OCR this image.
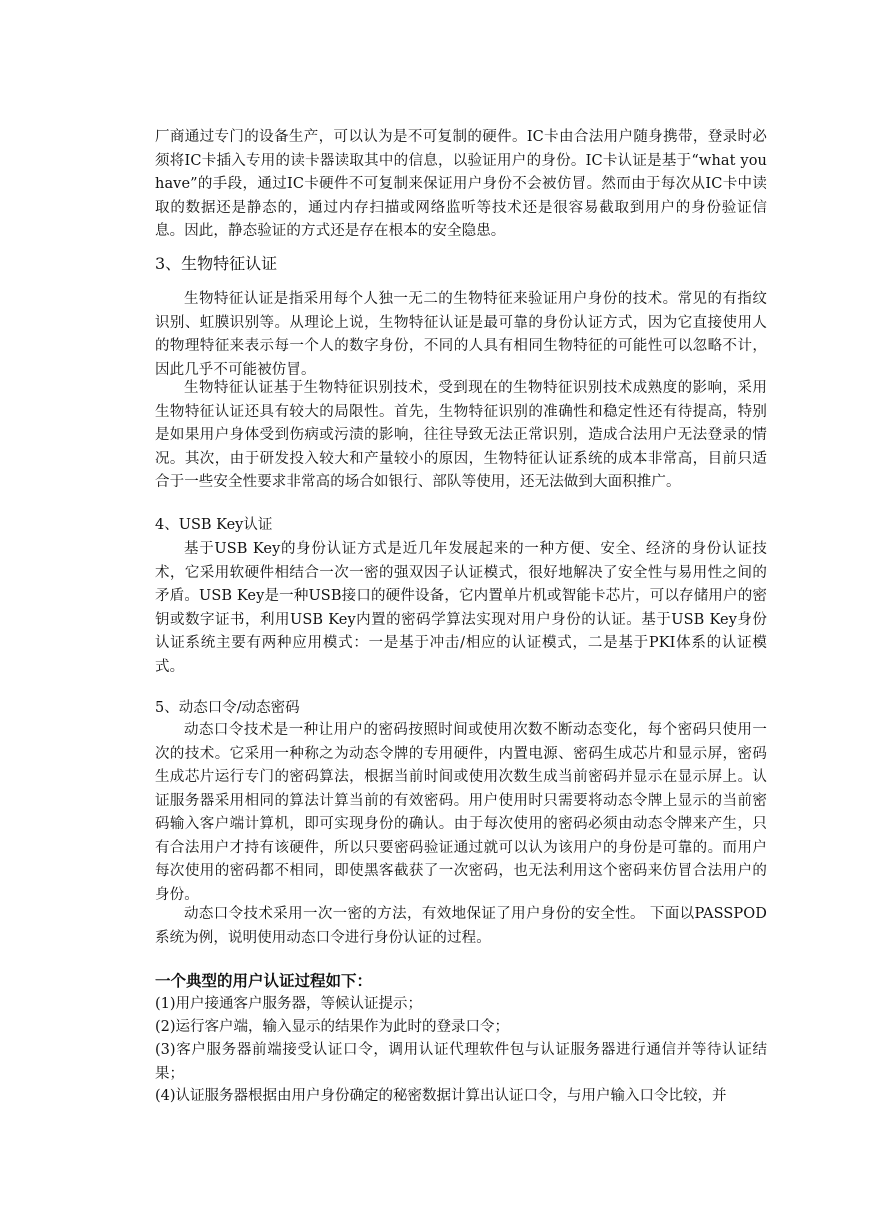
厂商通过专门的设备生产，可以认为是不可复制的硬件。IC卡由合法用户随身携带，登录时必须将IC卡插入专用的读卡器读取其中的信息，以验证用户的身份。IC卡认证是基于“what you have”的手段，通过IC卡硬件不可复制来保证用户身份不会被仿冒。然而由于每次从IC卡中读取的数据还是静态的，通过内存扫描或网络监听等技术还是很容易截取到用户的身份验证信息。因此，静态验证的方式还是存在根本的安全隐患。

3、生物特征认证

生物特征认证是指采用每个人独一无二的生物特征来验证用户身份的技术。常见的有指纹识别、虹膜识别等。从理论上说，生物特征认证是最可靠的身份认证方式，因为它直接使用人的物理特征来表示每一个人的数字身份，不同的人具有相同生物特征的可能性可以忽略不计，因此几乎不可能被仿冒。

生物特征认证基于生物特征识别技术，受到现在的生物特征识别技术成熟度的影响，采用生物特征认证还具有较大的局限性。首先，生物特征识别的准确性和稳定性还有待提高，特别是如果用户身体受到伤病或污渍的影响，往往导致无法正常识别，造成合法用户无法登录的情况。其次，由于研发投入较大和产量较小的原因，生物特征认证系统的成本非常高，目前只适合于一些安全性要求非常高的场合如银行、部队等使用，还无法做到大面积推广。

4、USB Key认证

基于USB Key的身份认证方式是近几年发展起来的一种方便、安全、经济的身份认证技术，它采用软硬件相结合一次一密的强双因子认证模式，很好地解决了安全性与易用性之间的矛盾。USB Key是一种USB接口的硬件设备，它内置单片机或智能卡芯片，可以存储用户的密钥或数字证书，利用USB Key内置的密码学算法实现对用户身份的认证。基于USB Key身份认证系统主要有两种应用模式：一是基于冲击/相应的认证模式，二是基于PKI体系的认证模式。

5、动态口令/动态密码

动态口令技术是一种让用户的密码按照时间或使用次数不断动态变化，每个密码只使用一次的技术。它采用一种称之为动态令牌的专用硬件，内置电源、密码生成芯片和显示屏，密码生成芯片运行专门的密码算法，根据当前时间或使用次数生成当前密码并显示在显示屏上。认证服务器采用相同的算法计算当前的有效密码。用户使用时只需要将动态令牌上显示的当前密码输入客户端计算机，即可实现身份的确认。由于每次使用的密码必须由动态令牌来产生，只有合法用户才持有该硬件，所以只要密码验证通过就可以认为该用户的身份是可靠的。而用户每次使用的密码都不相同，即使黑客截获了一次密码，也无法利用这个密码来仿冒合法用户的身份。

动态口令技术采用一次一密的方法，有效地保证了用户身份的安全性。 下面以PASSPOD系统为例，说明使用动态口令进行身份认证的过程。

一个典型的用户认证过程如下：

(1)用户接通客户服务器，等候认证提示；

(2)运行客户端，输入显示的结果作为此时的登录口令；

(3)客户服务器前端接受认证口令，调用认证代理软件包与认证服务器进行通信并等待认证结果；

(4)认证服务器根据由用户身份确定的秘密数据计算出认证口令，与用户输入口令比较，并
